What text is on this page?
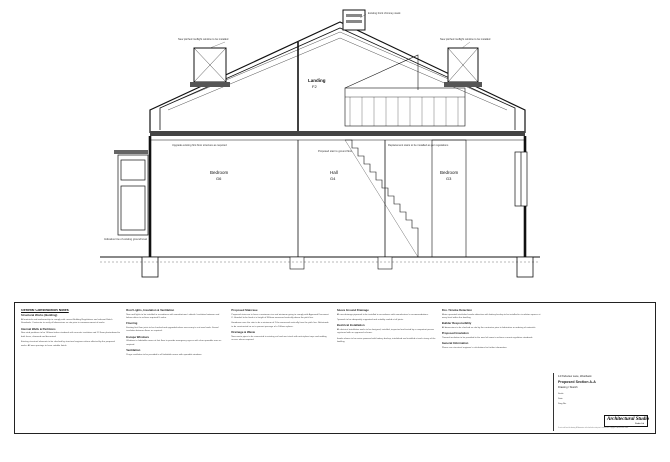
Landing
F2
Bedroom
G6
Hall
G4
Bedroom
G3
Existing brick chimney stack
New pitched rooflight window to be installed	New pitched rooflight window to be installed
Upgrade existing first floor structure as required	Replacement stairs to be installed as per regulations
Proposed stair to ground floor
Indicative line of existing ground level
General Construction Notes
Structural Works (Building)

All materials and workmanship to comply with current Building Regulations and relevant British Standards. Contractor to verify all dimensions on site prior to commencement of works.

Internal Walls & Partitions

New stud partitions to be 100mm timber studwork with acoustic insulation and 12.5mm plasterboard to both faces, skimmed and decorated.

Existing structural elements to be checked by structural engineer where affected by the proposed works. All new openings to have suitable lintels.

Roof Lights, Insulation & Ventilation

New roof lights to be installed in accordance with manufacturer's details. Insulation between and below rafters to achieve required U-value.

Flooring

Existing first floor joists to be checked and upgraded where necessary to suit new loads. Sound insulation between floors as required.

Escape Windows

Windows to habitable rooms at first floor to provide emergency egress with clear openable area as required.

Ventilation

Purge ventilation to be provided to all habitable rooms with openable windows.

Proposed Staircase

Proposed staircase to have a maximum rise and minimum going to comply with Approved Document K. Handrail to be fixed at a height of 900mm measured vertically above the pitch line.

Headroom over the stair to be a minimum of 2.0m measured vertically from the pitch line. Balustrade to be constructed so as to prevent passage of a 100mm sphere.

Drainage & Waste

New waste pipes to be connected to existing soil and vent stack with anti-siphon traps and rodding access where required.

Above Ground Drainage

All new drainage pipework to be installed in accordance with manufacturer's recommendations.

Pipework to be adequately supported and suitably sealed at all joints.

Electrical Installation

All electrical installation works to be designed, installed, inspected and tested by a competent person registered with an approved scheme.

Smoke alarms to be mains powered with battery backup, interlinked and installed at each storey of the dwelling.

Fire / Smoke Detection

Mains operated interlinked smoke detection with battery backup to be installed in circulation spaces at every level within the dwelling.

Builder Responsibility

All dimensions to be checked on site by the contractor prior to fabrication or ordering of materials.

Proposed Insulation

Thermal insulation to be provided to the new loft room to achieve current regulation standards.

General Information

Please see structural engineer's calculations for further information.

14 Parkview Lane, Westbank
Proposed Section A-A
Drawing / Sketch
Scale
Date
Dwg No.
Architectural Studio
Studio Ltd
Do not scale from this drawing. All dimensions to be checked on site prior to construction. Copyright of Architectural Studio.
